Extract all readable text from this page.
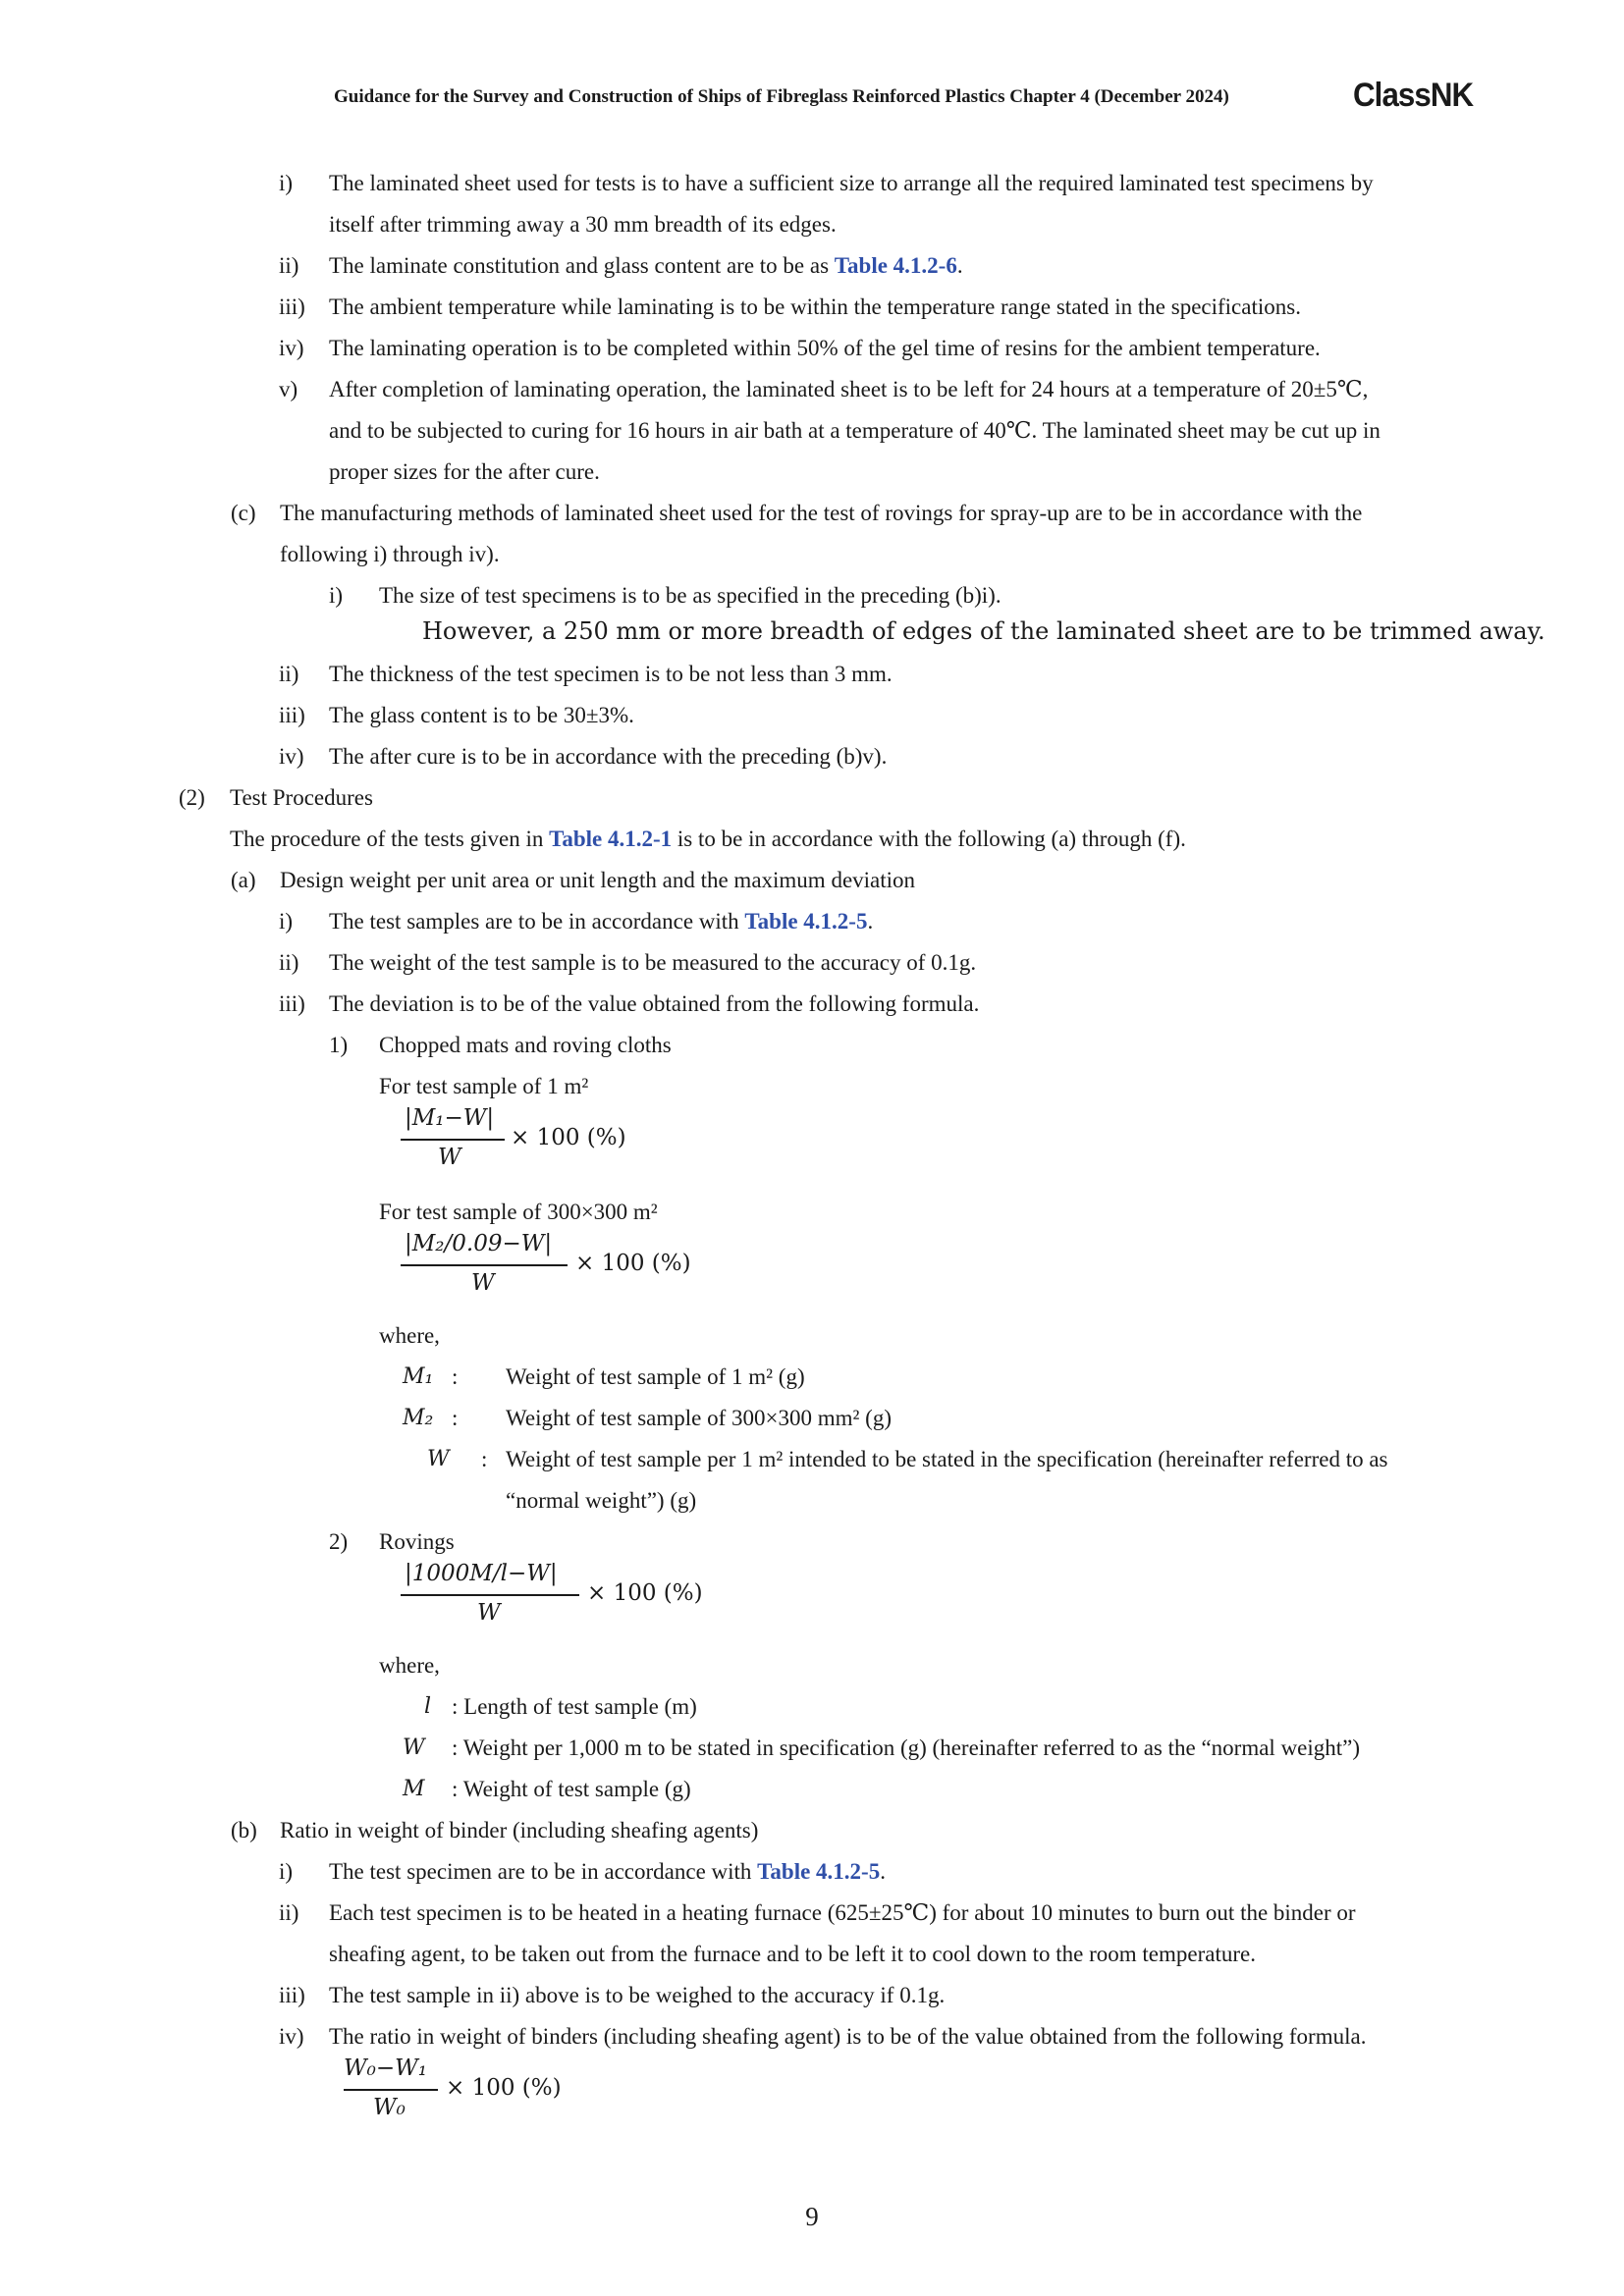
Guidance for the Survey and Construction of Ships of Fibreglass Reinforced Plastics Chapter 4 (December 2024)	ClassNK
i) The laminated sheet used for tests is to have a sufficient size to arrange all the required laminated test specimens by
itself after trimming away a 30 mm breadth of its edges.
ii) The laminate constitution and glass content are to be as Table 4.1.2-6.
iii) The ambient temperature while laminating is to be within the temperature range stated in the specifications.
iv) The laminating operation is to be completed within 50% of the gel time of resins for the ambient temperature.
v) After completion of laminating operation, the laminated sheet is to be left for 24 hours at a temperature of 20±5℃,
and to be subjected to curing for 16 hours in air bath at a temperature of 40℃. The laminated sheet may be cut up in
proper sizes for the after cure.
(c) The manufacturing methods of laminated sheet used for the test of rovings for spray-up are to be in accordance with the
following i) through iv).
i) The size of test specimens is to be as specified in the preceding (b)i).
However, a 250 mm or more breadth of edges of the laminated sheet are to be trimmed away.
ii) The thickness of the test specimen is to be not less than 3 mm.
iii) The glass content is to be 30±3%.
iv) The after cure is to be in accordance with the preceding (b)v).
(2) Test Procedures
The procedure of the tests given in Table 4.1.2-1 is to be in accordance with the following (a) through (f).
(a) Design weight per unit area or unit length and the maximum deviation
i) The test samples are to be in accordance with Table 4.1.2-5.
ii) The weight of the test sample is to be measured to the accuracy of 0.1g.
iii) The deviation is to be of the value obtained from the following formula.
1) Chopped mats and roving cloths
For test sample of 1 m²
|M₁−W|
W
× 100 (%)
For test sample of 300×300 m²
|M₂/0.09−W|
W
× 100 (%)
where,
M₁ : Weight of test sample of 1 m² (g)
M₂ : Weight of test sample of 300×300 mm² (g)
W : Weight of test sample per 1 m² intended to be stated in the specification (hereinafter referred to as
“normal weight”) (g)
2) Rovings
|1000M/l−W|
W
× 100 (%)
where,
l : Length of test sample (m)
W : Weight per 1,000 m to be stated in specification (g) (hereinafter referred to as the “normal weight”)
M : Weight of test sample (g)
(b) Ratio in weight of binder (including sheafing agents)
i) The test specimen are to be in accordance with Table 4.1.2-5.
ii) Each test specimen is to be heated in a heating furnace (625±25℃) for about 10 minutes to burn out the binder or
sheafing agent, to be taken out from the furnace and to be left it to cool down to the room temperature.
iii) The test sample in ii) above is to be weighed to the accuracy if 0.1g.
iv) The ratio in weight of binders (including sheafing agent) is to be of the value obtained from the following formula.
W₀−W₁
W₀
× 100 (%)
9
